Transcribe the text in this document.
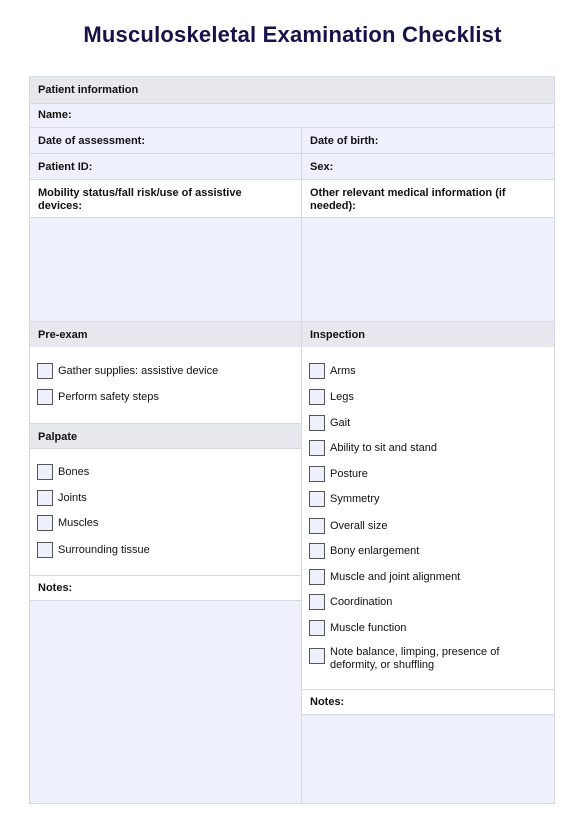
Musculoskeletal Examination Checklist
Patient information
Name:
Date of assessment:	Date of birth:
Patient ID:	Sex:
Mobility status/fall risk/use of assistive devices:
Other relevant medical information (if needed):
Pre-exam	Inspection
Gather supplies: assistive device
Perform safety steps
Palpate
Bones
Joints
Muscles
Surrounding tissue
Notes:
Arms
Legs
Gait
Ability to sit and stand
Posture
Symmetry
Overall size
Bony enlargement
Muscle and joint alignment
Coordination
Muscle function
Note balance, limping, presence of deformity, or shuffling
Notes:
